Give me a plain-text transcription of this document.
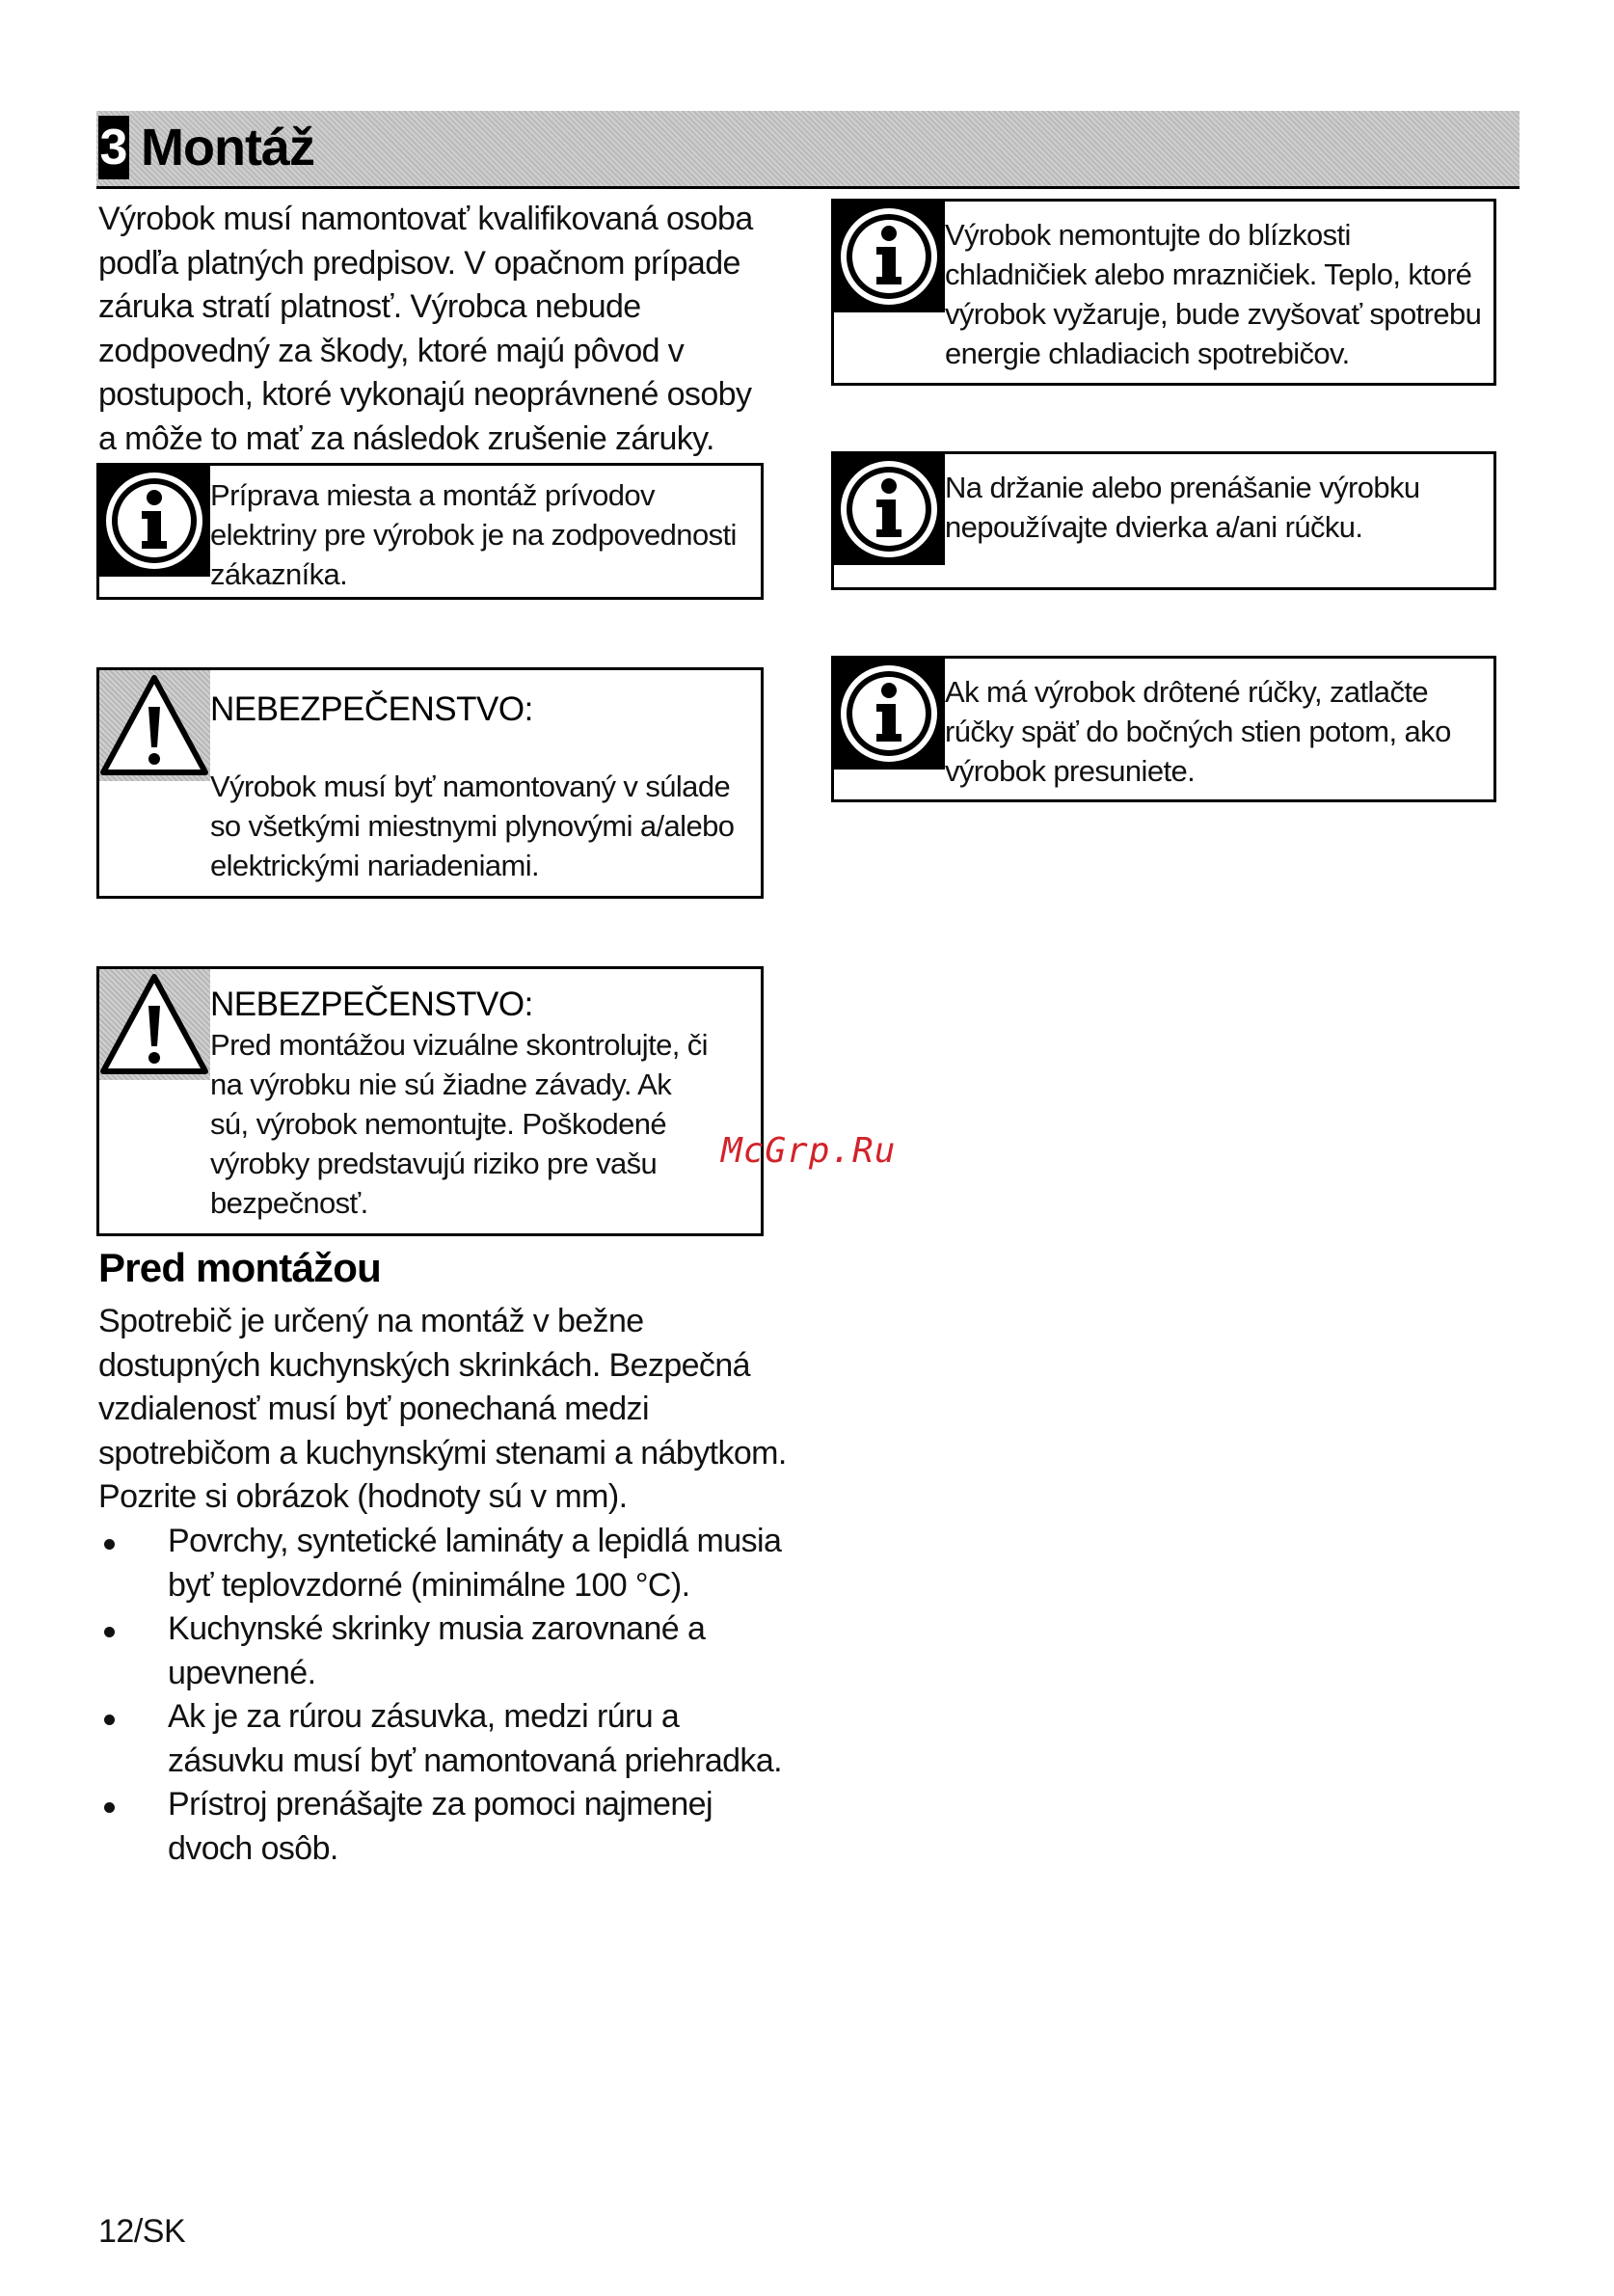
3 Montáž
Výrobok musí namontovať kvalifikovaná osoba podľa platných predpisov. V opačnom prípade záruka stratí platnosť. Výrobca nebude zodpovedný za škody, ktoré majú pôvod v postupoch, ktoré vykonajú neoprávnené osoby a môže to mať za následok zrušenie záruky.
Príprava miesta a montáž prívodov elektriny pre výrobok je na zodpovednosti zákazníka.
NEBEZPEČENSTVO:
Výrobok musí byť namontovaný v súlade so všetkými miestnymi plynovými a/alebo elektrickými nariadeniami.
NEBEZPEČENSTVO:
Pred montážou vizuálne skontrolujte, či na výrobku nie sú žiadne závady. Ak sú, výrobok nemontujte. Poškodené výrobky predstavujú riziko pre vašu bezpečnosť.
Výrobok nemontujte do blízkosti chladničiek alebo mrazničiek. Teplo, ktoré výrobok vyžaruje, bude zvyšovať spotrebu energie chladiacich spotrebičov.
Na držanie alebo prenášanie výrobku nepoužívajte dvierka a/ani rúčku.
Ak má výrobok drôtené rúčky, zatlačte rúčky späť do bočných stien potom, ako výrobok presuniete.
Pred montážou
Spotrebič je určený na montáž v bežne dostupných kuchynských skrinkách. Bezpečná vzdialenosť musí byť ponechaná medzi spotrebičom a kuchynskými stenami a nábytkom. Pozrite si obrázok (hodnoty sú v mm).
Povrchy, syntetické lamináty a lepidlá musia byť teplovzdorné (minimálne 100 °C).
Kuchynské skrinky musia zarovnané a upevnené.
Ak je za rúrou zásuvka, medzi rúru a zásuvku musí byť namontovaná priehradka.
Prístroj prenášajte za pomoci najmenej dvoch osôb.
McGrp.Ru
12/SK
